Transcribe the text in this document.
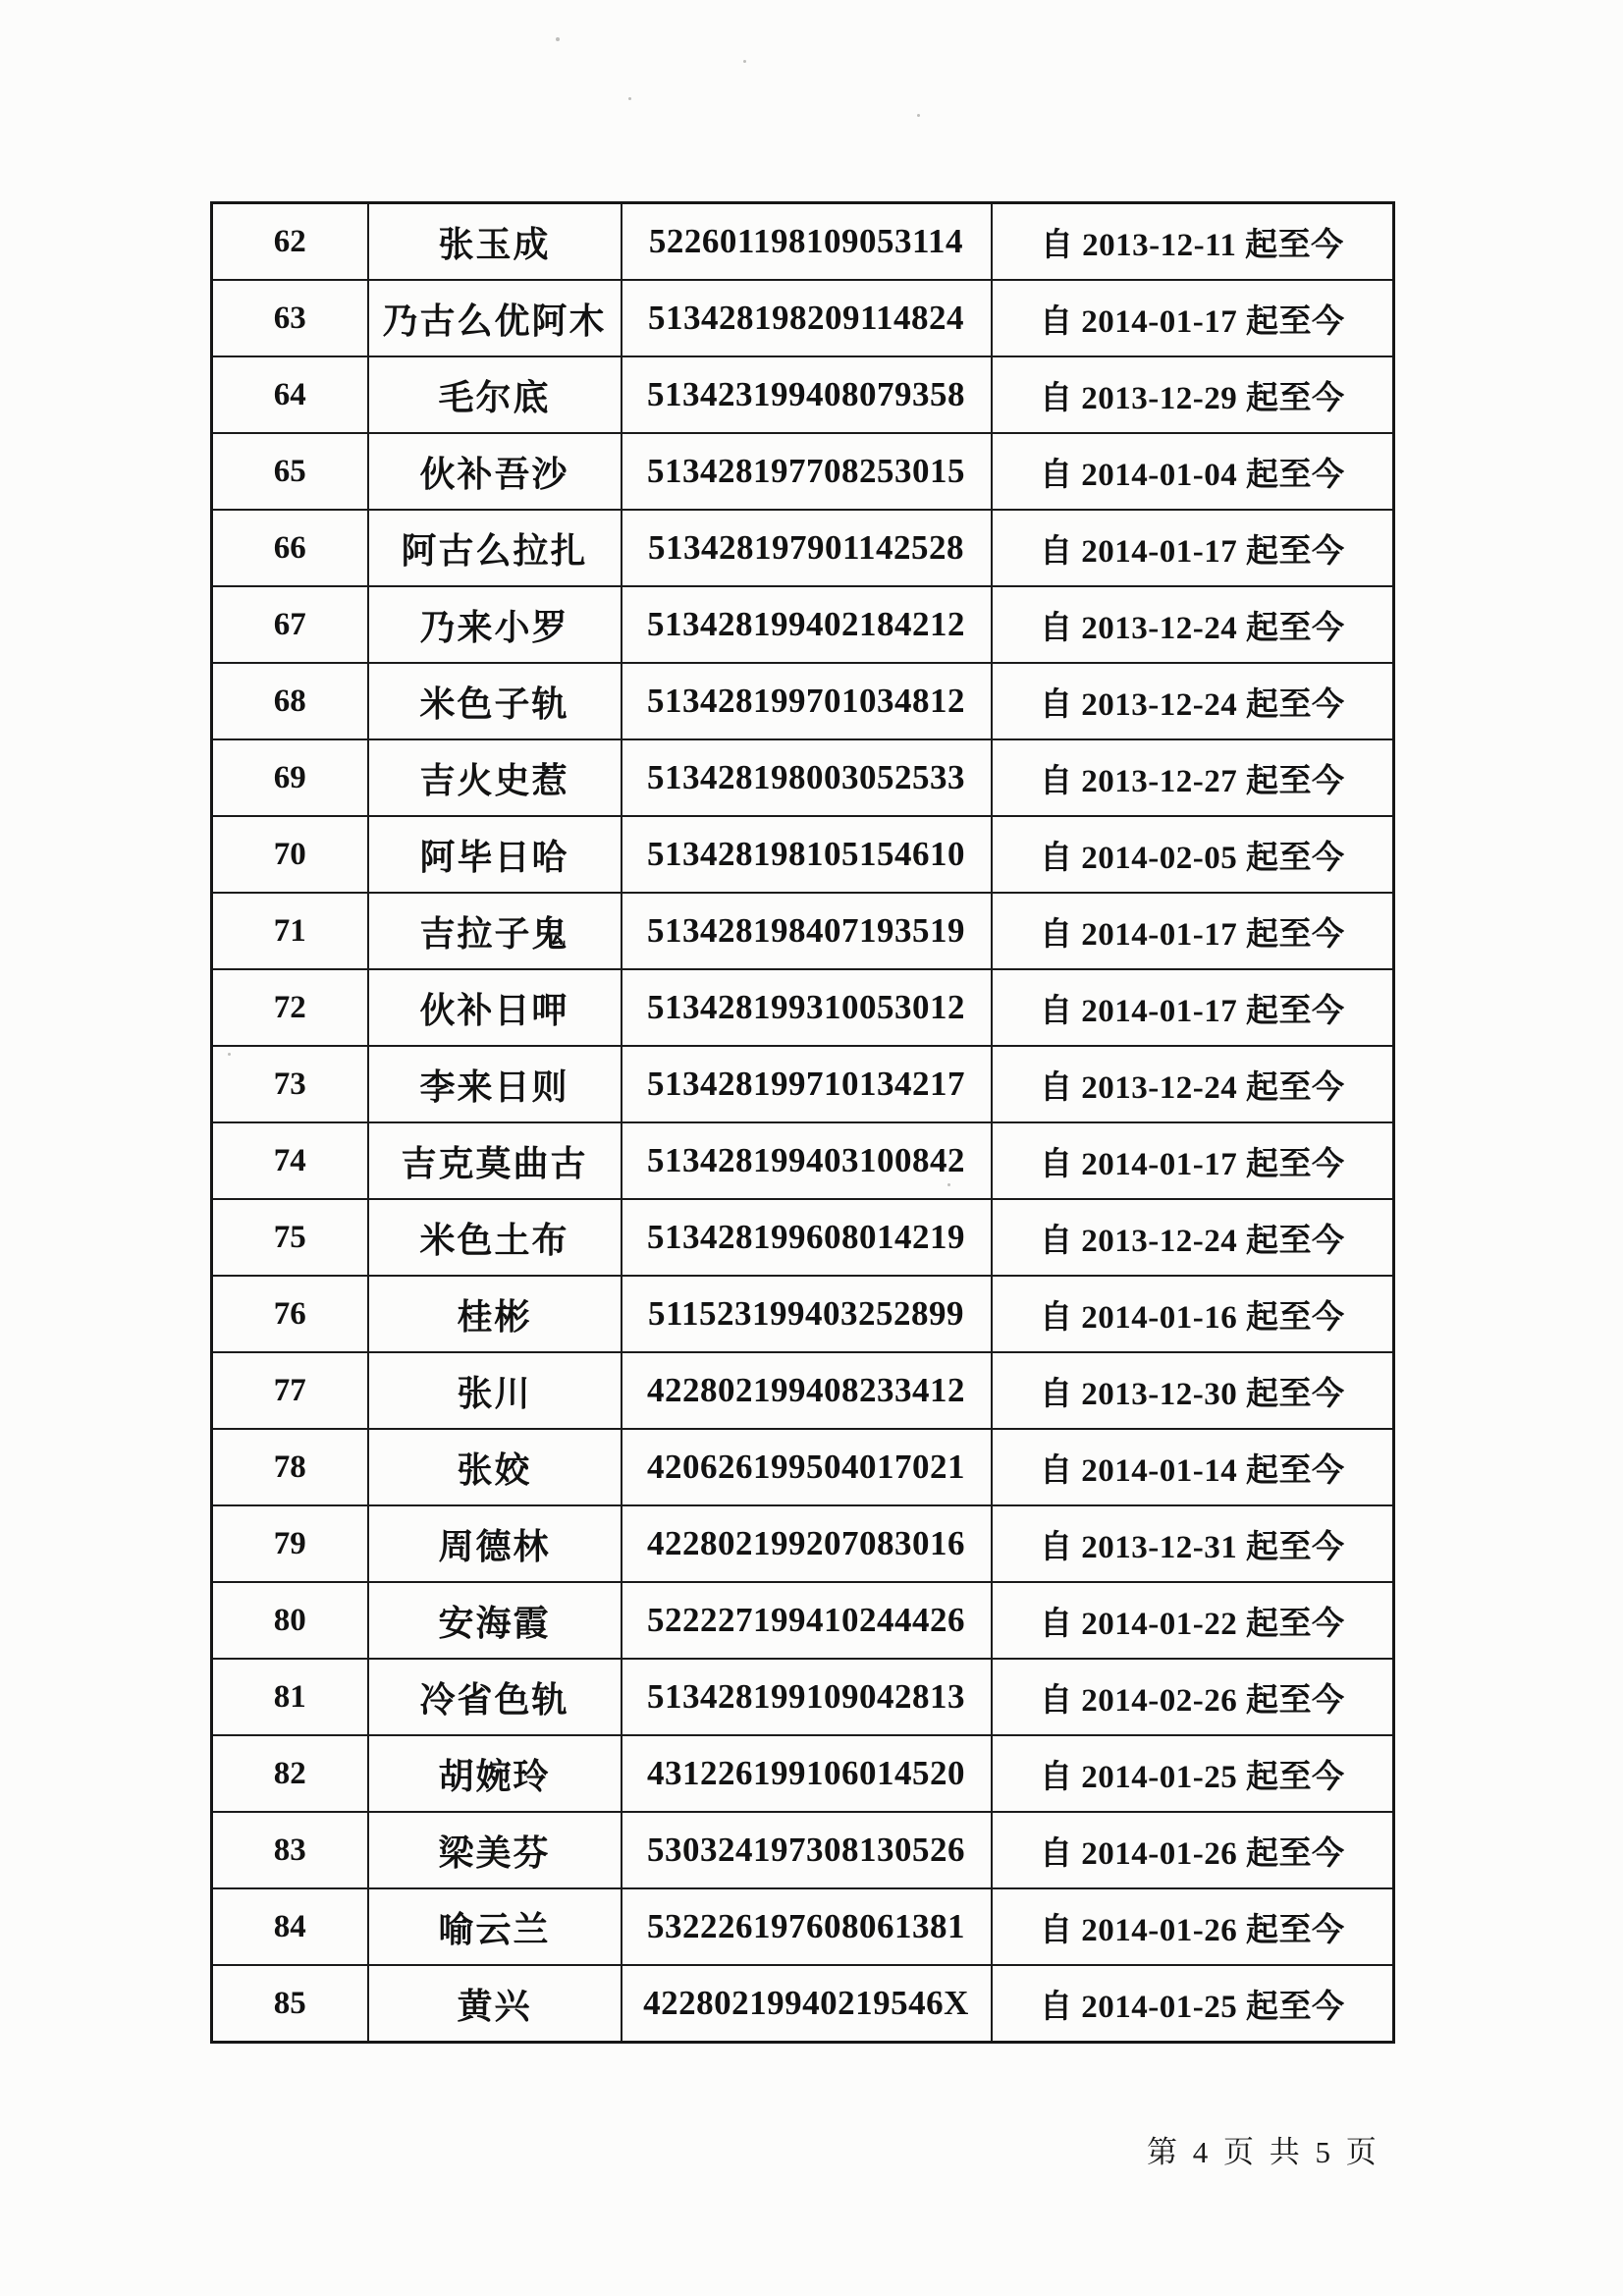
62	张玉成	522601198109053114	自 2013-12-11 起至今
63	乃古么优阿木	513428198209114824	自 2014-01-17 起至今
64	毛尔底	513423199408079358	自 2013-12-29 起至今
65	伙补吾沙	513428197708253015	自 2014-01-04 起至今
66	阿古么拉扎	513428197901142528	自 2014-01-17 起至今
67	乃来小罗	513428199402184212	自 2013-12-24 起至今
68	米色子轨	513428199701034812	自 2013-12-24 起至今
69	吉火史惹	513428198003052533	自 2013-12-27 起至今
70	阿毕日哈	513428198105154610	自 2014-02-05 起至今
71	吉拉子鬼	513428198407193519	自 2014-01-17 起至今
72	伙补日呷	513428199310053012	自 2014-01-17 起至今
73	李来日则	513428199710134217	自 2013-12-24 起至今
74	吉克莫曲古	513428199403100842	自 2014-01-17 起至今
75	米色土布	513428199608014219	自 2013-12-24 起至今
76	桂彬	511523199403252899	自 2014-01-16 起至今
77	张川	422802199408233412	自 2013-12-30 起至今
78	张姣	420626199504017021	自 2014-01-14 起至今
79	周德林	422802199207083016	自 2013-12-31 起至今
80	安海霞	522227199410244426	自 2014-01-22 起至今
81	冷省色轨	513428199109042813	自 2014-02-26 起至今
82	胡婉玲	431226199106014520	自 2014-01-25 起至今
83	梁美芬	530324197308130526	自 2014-01-26 起至今
84	喻云兰	532226197608061381	自 2014-01-26 起至今
85	黄兴	42280219940219546X	自 2014-01-25 起至今
第 4 页 共 5 页
